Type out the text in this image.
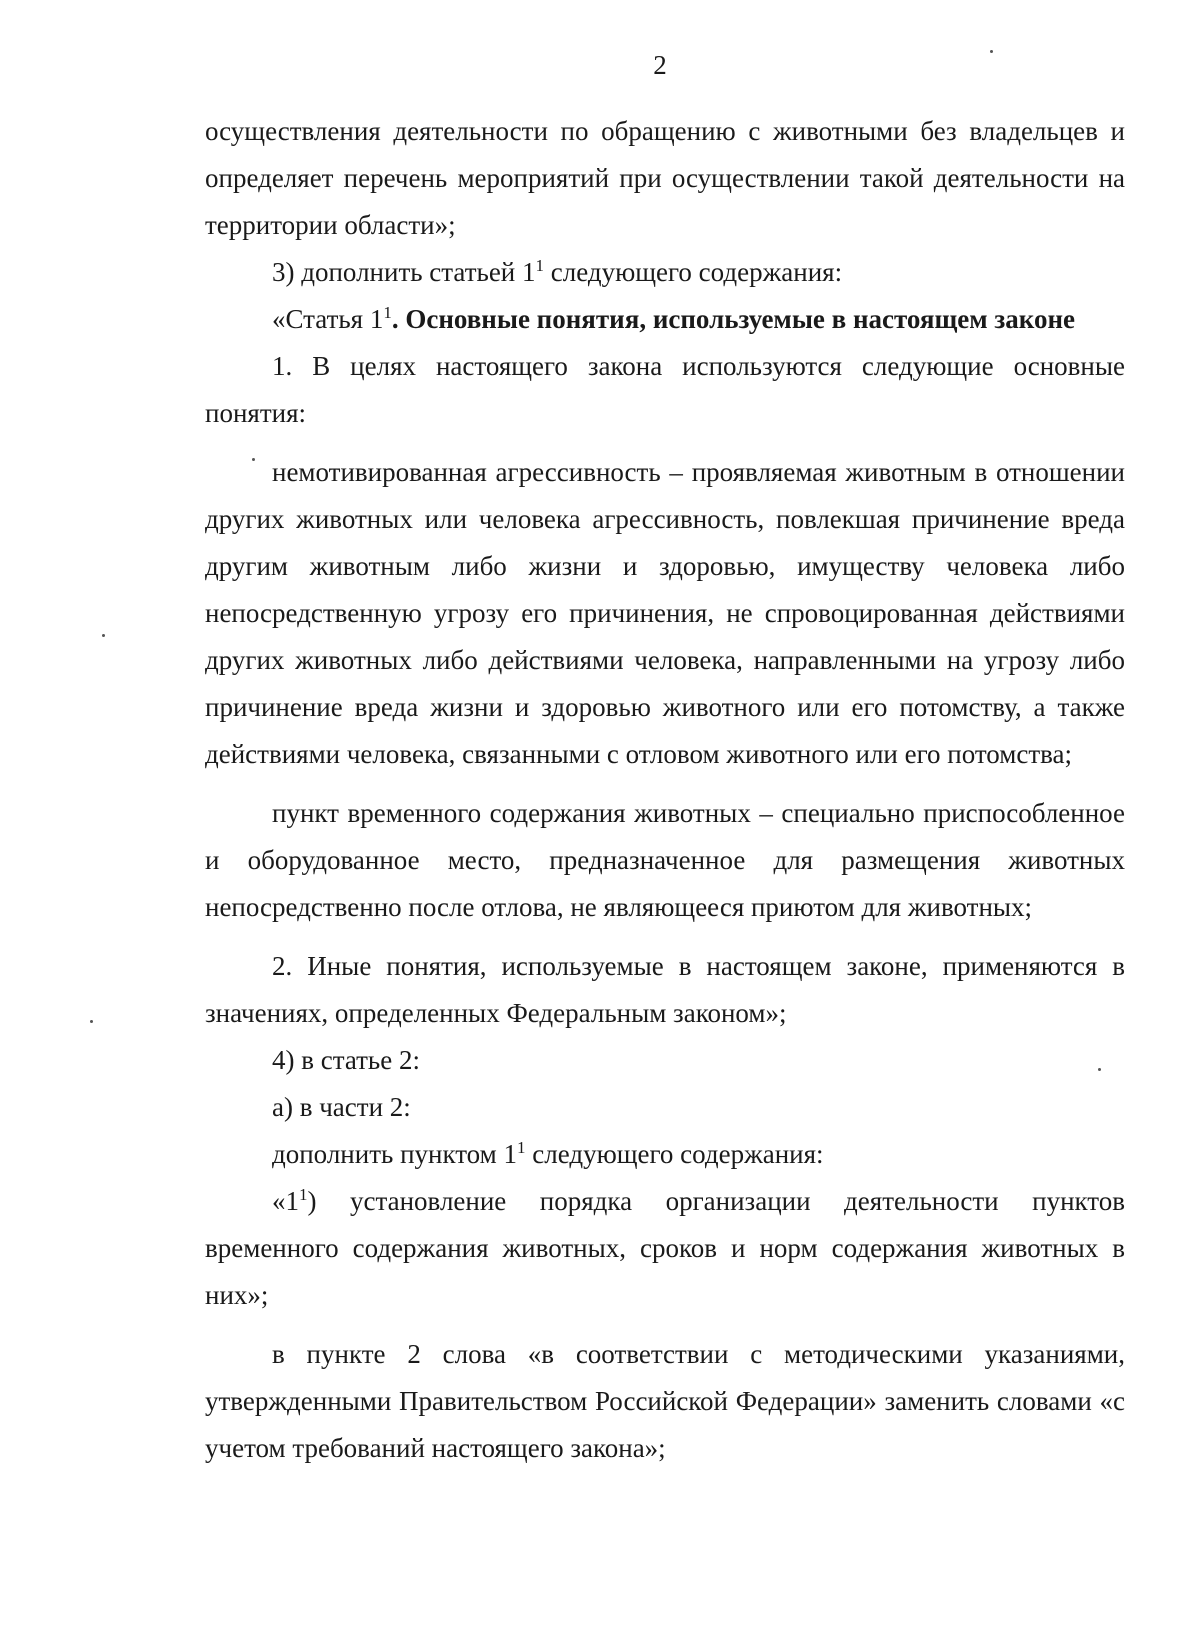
2

осуществления деятельности по обращению с животными без владельцев и определяет перечень мероприятий при осуществлении такой деятельности на территории области»;

3) дополнить статьей $1^1$ следующего содержания:

«Статья $1^1$. Основные понятия, используемые в настоящем законе

1. В целях настоящего закона используются следующие основные понятия:

немотивированная агрессивность – проявляемая животным в отношении других животных или человека агрессивность, повлекшая причинение вреда другим животным либо жизни и здоровью, имуществу человека либо непосредственную угрозу его причинения, не спровоцированная действиями других животных либо действиями человека, направленными на угрозу либо причинение вреда жизни и здоровью животного или его потомству, а также действиями человека, связанными с отловом животного или его потомства;

пункт временного содержания животных – специально приспособленное и оборудованное место, предназначенное для размещения животных непосредственно после отлова, не являющееся приютом для животных;

2. Иные понятия, используемые в настоящем законе, применяются в значениях, определенных Федеральным законом»;

4) в статье 2:

а) в части 2:

дополнить пунктом $1^1$ следующего содержания:

«$1^1$) установление порядка организации деятельности пунктов временного содержания животных, сроков и норм содержания животных в них»;

в пункте 2 слова «в соответствии с методическими указаниями, утвержденными Правительством Российской Федерации» заменить словами «с учетом требований настоящего закона»;
